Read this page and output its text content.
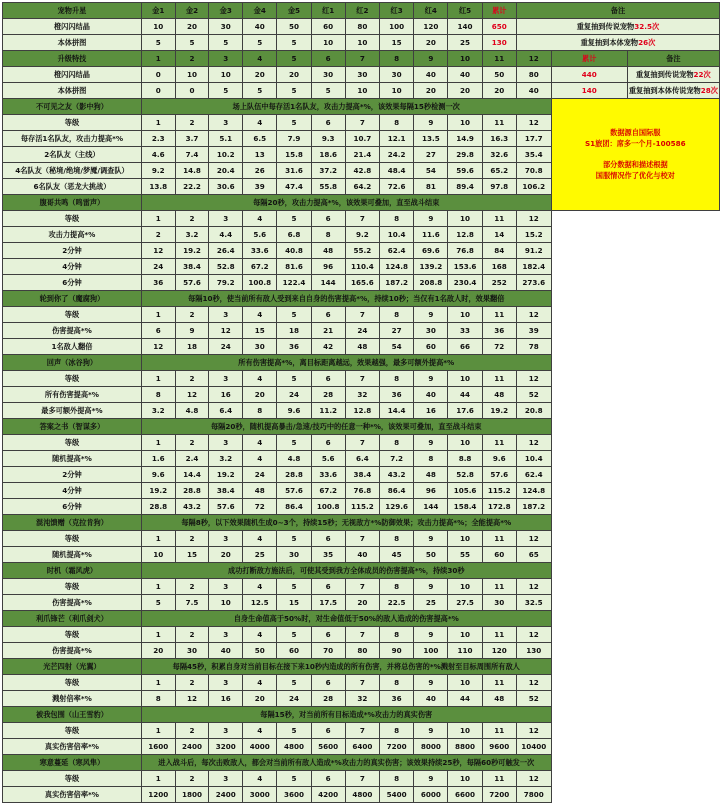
宠物升星	金1	金2	金3	金4	金5	红1	红2	红3	红4	红5	累计	备注		
橙闪闪结晶	10	20	30	40	50	60	80	100	120	140	650	重复抽到传说宠物32.5次		
本体拼图	5	5	5	5	5	10	10	15	20	25	130	重复抽到本体宠物26次		
升级特技	1	2	3	4	5	6	7	8	9	10	11	12	累计	备注
橙闪闪结晶	0	10	10	20	20	30	30	30	40	40	50	80	440	重复抽到传说宠物22次
本体拼图	0	0	5	5	5	5	10	10	20	20	20	40	140	重复抽到本体传说宠物28次
不可见之友（影中狗）	场上队伍中每存活1名队友，攻击力提高*%，该效果每隔15秒检测一次												数据源自国际服
S1旅团：席多一个月-100586
部分数据和描述根据
国服情况作了优化与校对	

等级	1	2	3	4	5	6	7	8	9	10	11	12		
每存活1名队友，攻击力提高*%	2.3	3.7	5.1	6.5	7.9	9.3	10.7	12.1	13.5	14.9	16.3	17.7		
2名队友（主线）	4.6	7.4	10.2	13	15.8	18.6	21.4	24.2	27	29.8	32.6	35.4		
4名队友（秘境/绝境/梦魇/调查队）	9.2	14.8	20.4	26	31.6	37.2	42.8	48.4	54	59.6	65.2	70.8		
6名队友（恶龙大挑战）	13.8	22.2	30.6	39	47.4	55.8	64.2	72.6	81	89.4	97.8	106.2		
腹哥共鸣（鸣雷声）	每隔20秒，攻击力提高*%，该效果可叠加，直至战斗结束													
等级	1	2	3	4	5	6	7	8	9	10	11	12		
攻击力提高*%	2	3.2	4.4	5.6	6.8	8	9.2	10.4	11.6	12.8	14	15.2		
2分钟	12	19.2	26.4	33.6	40.8	48	55.2	62.4	69.6	76.8	84	91.2		
4分钟	24	38.4	52.8	67.2	81.6	96	110.4	124.8	139.2	153.6	168	182.4		
6分钟	36	57.6	79.2	100.8	122.4	144	165.6	187.2	208.8	230.4	252	273.6		
轮到你了（魔腐狗）	每隔10秒，使当前所有敌人受到来自自身的伤害提高*%，持续10秒；当仅有1名敌人时，效果翻倍													
等级	1	2	3	4	5	6	7	8	9	10	11	12		
伤害提高*%	6	9	12	15	18	21	24	27	30	33	36	39		
1名敌人翻倍	12	18	24	30	36	42	48	54	60	66	72	78		
回声（冰谷狗）	所有伤害提高*%，离目标距离越远，效果越强，最多可额外提高*%													
等级	1	2	3	4	5	6	7	8	9	10	11	12		
所有伤害提高*%	8	12	16	20	24	28	32	36	40	44	48	52		
最多可额外提高*%	3.2	4.8	6.4	8	9.6	11.2	12.8	14.4	16	17.6	19.2	20.8		
答案之书（智谋多）	每隔20秒，随机提高暴击/急速/技巧中的任意一种*%，该效果可叠加，直至战斗结束													
等级	1	2	3	4	5	6	7	8	9	10	11	12		
随机提高*%	1.6	2.4	3.2	4	4.8	5.6	6.4	7.2	8	8.8	9.6	10.4		
2分钟	9.6	14.4	19.2	24	28.8	33.6	38.4	43.2	48	52.8	57.6	62.4		
4分钟	19.2	28.8	38.4	48	57.6	67.2	76.8	86.4	96	105.6	115.2	124.8		
6分钟	28.8	43.2	57.6	72	86.4	100.8	115.2	129.6	144	158.4	172.8	187.2		
混沌馈赠（克拉肯狗）	每隔8秒，以下效果随机生成0~3个，持续15秒；无视敌方*%防御效果；攻击力提高*%；全能提高*%													
等级	1	2	3	4	5	6	7	8	9	10	11	12		
随机提高*%	10	15	20	25	30	35	40	45	50	55	60	65		
时机（霜风虎）	成功打断敌方施法后，可使其受到我方全体成员的伤害提高*%，持续30秒													
等级	1	2	3	4	5	6	7	8	9	10	11	12		
伤害提高*%	5	7.5	10	12.5	15	17.5	20	22.5	25	27.5	30	32.5		
利爪锋芒（利爪剑犬）	自身生命值高于50%时，对生命值低于50%的敌人造成的伤害提高*%													
等级	1	2	3	4	5	6	7	8	9	10	11	12		
伤害提高*%	20	30	40	50	60	70	80	90	100	110	120	130		
光芒四射（光翼）	每隔45秒，积累自身对当前目标在接下来10秒内造成的所有伤害，并将总伤害的*%溅射至目标周围所有敌人													
等级	1	2	3	4	5	6	7	8	9	10	11	12		
溅射倍率*%	8	12	16	20	24	28	32	36	40	44	48	52		
被我包围（山王雪豹）	每隔15秒，对当前所有目标造成*%攻击力的真实伤害													
等级	1	2	3	4	5	6	7	8	9	10	11	12		
真实伤害倍率*%	1600	2400	3200	4000	4800	5600	6400	7200	8000	8800	9600	10400		
寒意蔓延（寒风隼）	进入战斗后，每次击败敌人，都会对当前所有敌人造成*%攻击力的真实伤害；该效果持续25秒，每隔60秒可触发一次													
等级	1	2	3	4	5	6	7	8	9	10	11	12		
真实伤害倍率*%	1200	1800	2400	3000	3600	4200	4800	5400	6000	6600	7200	7800		
